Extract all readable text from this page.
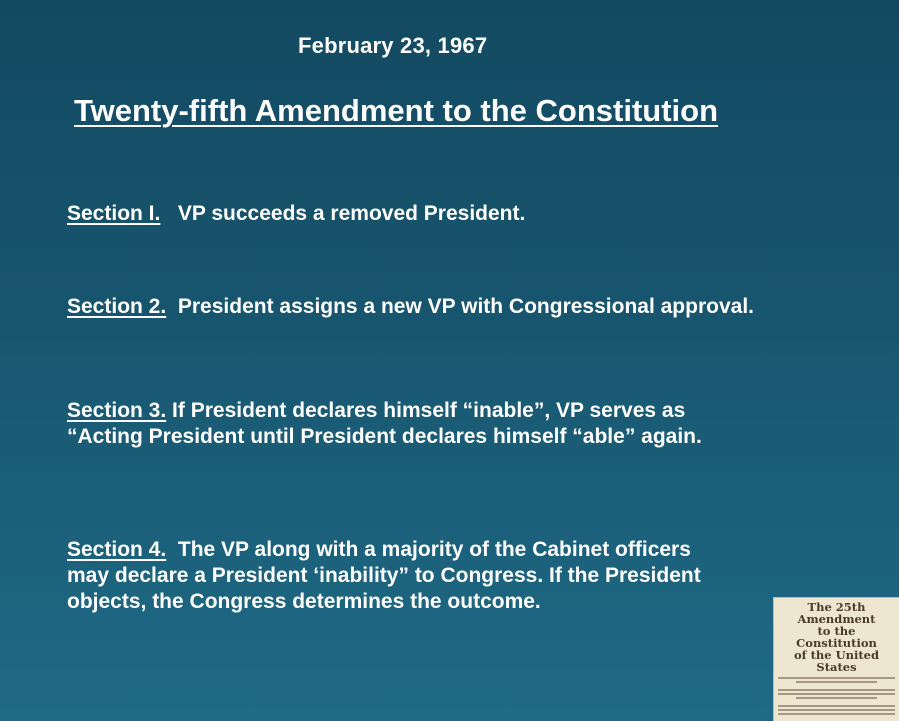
February 23, 1967
Twenty-fifth Amendment to the Constitution
Section I. VP succeeds a removed President.
Section 2. President assigns a new VP with Congressional approval.
Section 3. If President declares himself “inable”, VP serves as “Acting President until President declares himself “able” again.
Section 4. The VP along with a majority of the Cabinet officers may declare a President ‘inability” to Congress. If the President objects, the Congress determines the outcome.	The 25th Amendment
to the Constitution
of the United States
